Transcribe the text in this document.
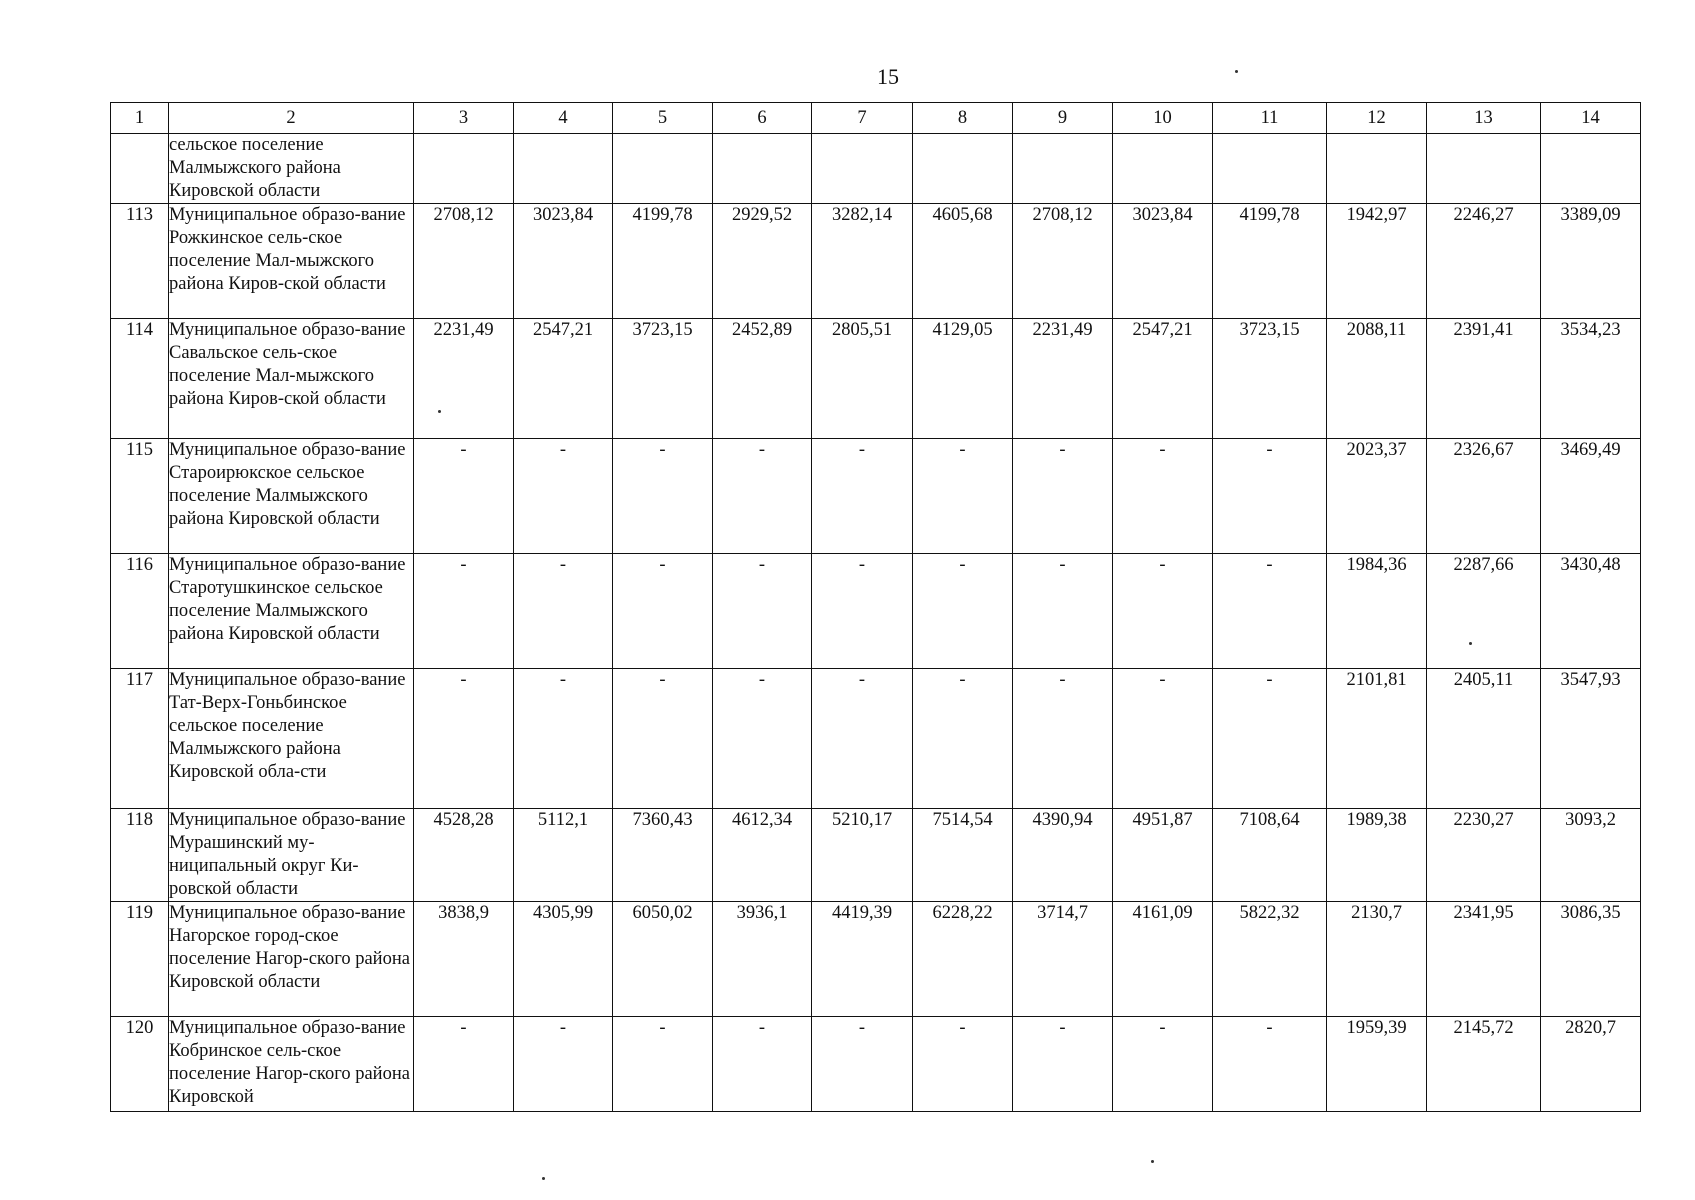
15
1	2	3	4	5	6	7	8	9	10	11	12	13	14
	сельское поселение Малмыжского района Кировской области												
113	Муниципальное образо-вание Рожкинское сель-ское поселение Мал-мыжского района Киров-ской области	2708,12	3023,84	4199,78	2929,52	3282,14	4605,68	2708,12	3023,84	4199,78	1942,97	2246,27	3389,09
114	Муниципальное образо-вание Савальское сель-ское поселение Мал-мыжского района Киров-ской области	2231,49	2547,21	3723,15	2452,89	2805,51	4129,05	2231,49	2547,21	3723,15	2088,11	2391,41	3534,23
115	Муниципальное образо-вание Староирюкское сельское поселение Малмыжского района Кировской области	-	-	-	-	-	-	-	-	-	2023,37	2326,67	3469,49
116	Муниципальное образо-вание Старотушкинское сельское поселение Малмыжского района Кировской области	-	-	-	-	-	-	-	-	-	1984,36	2287,66	3430,48
117	Муниципальное образо-вание Тат-Верх-Гоньбинское сельское поселение Малмыжского района Кировской обла-сти	-	-	-	-	-	-	-	-	-	2101,81	2405,11	3547,93
118	Муниципальное образо-вание Мурашинский му-ниципальный округ Ки-ровской области	4528,28	5112,1	7360,43	4612,34	5210,17	7514,54	4390,94	4951,87	7108,64	1989,38	2230,27	3093,2
119	Муниципальное образо-вание Нагорское город-ское поселение Нагор-ского района Кировской области	3838,9	4305,99	6050,02	3936,1	4419,39	6228,22	3714,7	4161,09	5822,32	2130,7	2341,95	3086,35
120	Муниципальное образо-вание Кобринское сель-ское поселение Нагор-ского района Кировской	-	-	-	-	-	-	-	-	-	1959,39	2145,72	2820,7
